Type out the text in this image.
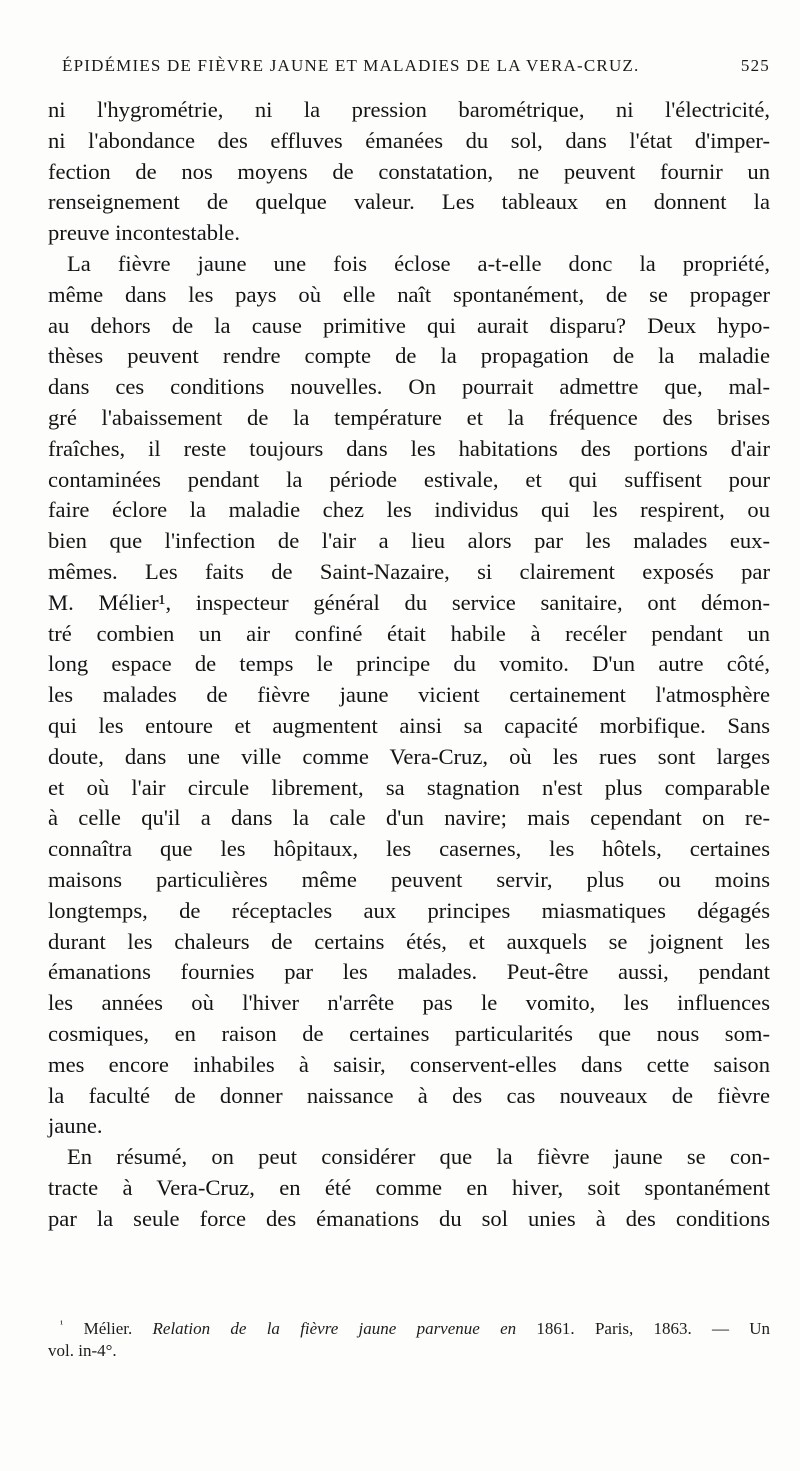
ÉPIDÉMIES DE FIÈVRE JAUNE ET MALADIES DE LA VERA-CRUZ.	525
ni l'hygrométrie, ni la pression barométrique, ni l'électricité,
ni l'abondance des effluves émanées du sol, dans l'état d'imper-
fection de nos moyens de constatation, ne peuvent fournir un
renseignement de quelque valeur. Les tableaux en donnent la
preuve incontestable.
La fièvre jaune une fois éclose a-t-elle donc la propriété,
même dans les pays où elle naît spontanément, de se propager
au dehors de la cause primitive qui aurait disparu? Deux hypo-
thèses peuvent rendre compte de la propagation de la maladie
dans ces conditions nouvelles. On pourrait admettre que, mal-
gré l'abaissement de la température et la fréquence des brises
fraîches, il reste toujours dans les habitations des portions d'air
contaminées pendant la période estivale, et qui suffisent pour
faire éclore la maladie chez les individus qui les respirent, ou
bien que l'infection de l'air a lieu alors par les malades eux-
mêmes. Les faits de Saint-Nazaire, si clairement exposés par
M. Mélier¹, inspecteur général du service sanitaire, ont démon-
tré combien un air confiné était habile à recéler pendant un
long espace de temps le principe du vomito. D'un autre côté,
les malades de fièvre jaune vicient certainement l'atmosphère
qui les entoure et augmentent ainsi sa capacité morbifique. Sans
doute, dans une ville comme Vera-Cruz, où les rues sont larges
et où l'air circule librement, sa stagnation n'est plus comparable
à celle qu'il a dans la cale d'un navire; mais cependant on re-
connaîtra que les hôpitaux, les casernes, les hôtels, certaines
maisons particulières même peuvent servir, plus ou moins
longtemps, de réceptacles aux principes miasmatiques dégagés
durant les chaleurs de certains étés, et auxquels se joignent les
émanations fournies par les malades. Peut-être aussi, pendant
les années où l'hiver n'arrête pas le vomito, les influences
cosmiques, en raison de certaines particularités que nous som-
mes encore inhabiles à saisir, conservent-elles dans cette saison
la faculté de donner naissance à des cas nouveaux de fièvre
jaune.
En résumé, on peut considérer que la fièvre jaune se con-
tracte à Vera-Cruz, en été comme en hiver, soit spontanément
par la seule force des émanations du sol unies à des conditions
$^{^1}$ Mélier. Relation de la fièvre jaune parvenue en 1861. Paris, 1863. — Un
vol. in-4°.
